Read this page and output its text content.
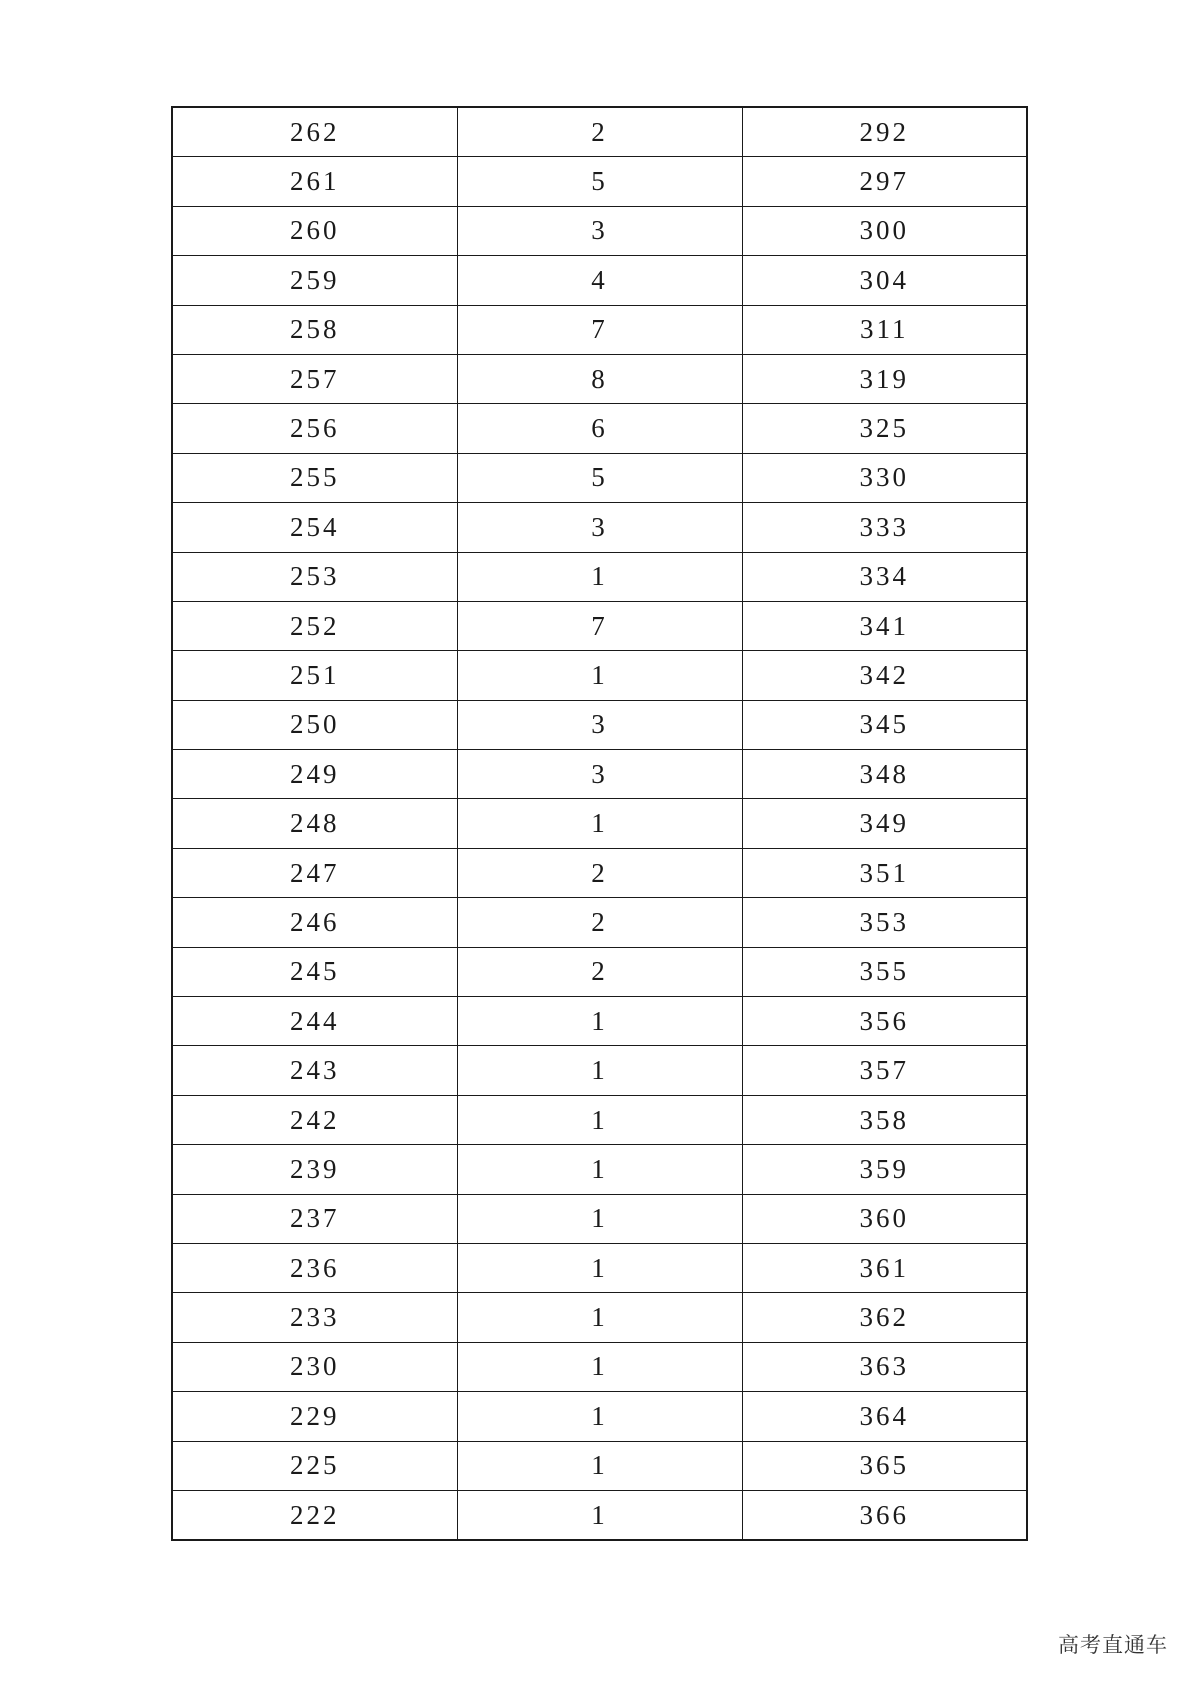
262	2	292
261	5	297
260	3	300
259	4	304
258	7	311
257	8	319
256	6	325
255	5	330
254	3	333
253	1	334
252	7	341
251	1	342
250	3	345
249	3	348
248	1	349
247	2	351
246	2	353
245	2	355
244	1	356
243	1	357
242	1	358
239	1	359
237	1	360
236	1	361
233	1	362
230	1	363
229	1	364
225	1	365
222	1	366
高考直通车
